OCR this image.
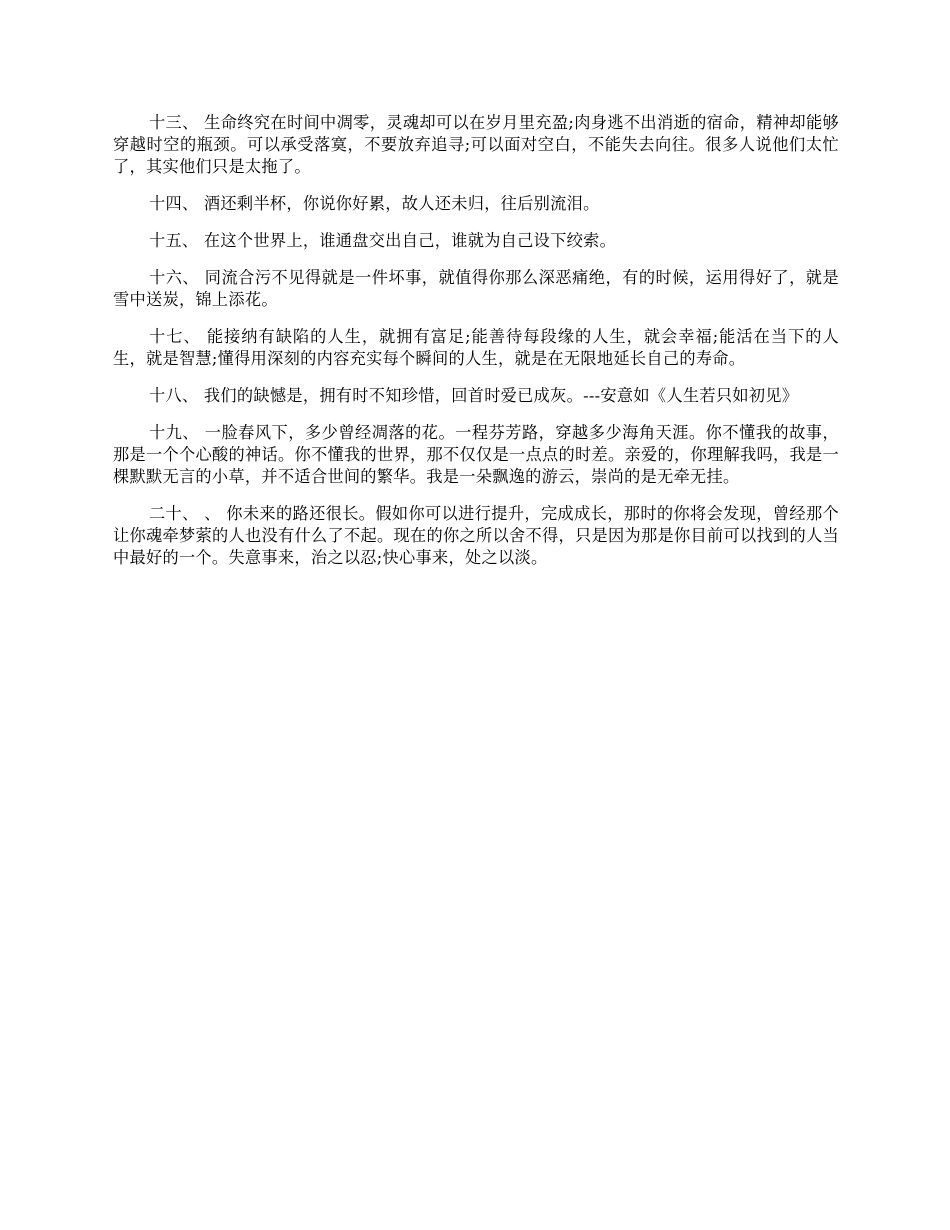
十三、 生命终究在时间中凋零，灵魂却可以在岁月里充盈;肉身逃不出消逝的宿命，精神却能够穿越时空的瓶颈。可以承受落寞，不要放弃追寻;可以面对空白，不能失去向往。很多人说他们太忙了，其实他们只是太拖了。

十四、 酒还剩半杯，你说你好累，故人还未归，往后别流泪。

十五、 在这个世界上，谁通盘交出自己，谁就为自己设下绞索。

十六、 同流合污不见得就是一件坏事，就值得你那么深恶痛绝，有的时候，运用得好了，就是雪中送炭，锦上添花。

十七、 能接纳有缺陷的人生，就拥有富足;能善待每段缘的人生，就会幸福;能活在当下的人生，就是智慧;懂得用深刻的内容充实每个瞬间的人生，就是在无限地延长自己的寿命。

十八、 我们的缺憾是，拥有时不知珍惜，回首时爱已成灰。---安意如《人生若只如初见》

十九、 一脸春风下，多少曾经凋落的花。一程芬芳路，穿越多少海角天涯。你不懂我的故事，那是一个个心酸的神话。你不懂我的世界，那不仅仅是一点点的时差。亲爱的，你理解我吗，我是一棵默默无言的小草，并不适合世间的繁华。我是一朵飘逸的游云，崇尚的是无牵无挂。

二十、 、 你未来的路还很长。假如你可以进行提升，完成成长，那时的你将会发现，曾经那个让你魂牵梦萦的人也没有什么了不起。现在的你之所以舍不得，只是因为那是你目前可以找到的人当中最好的一个。失意事来，治之以忍;快心事来，处之以淡。
